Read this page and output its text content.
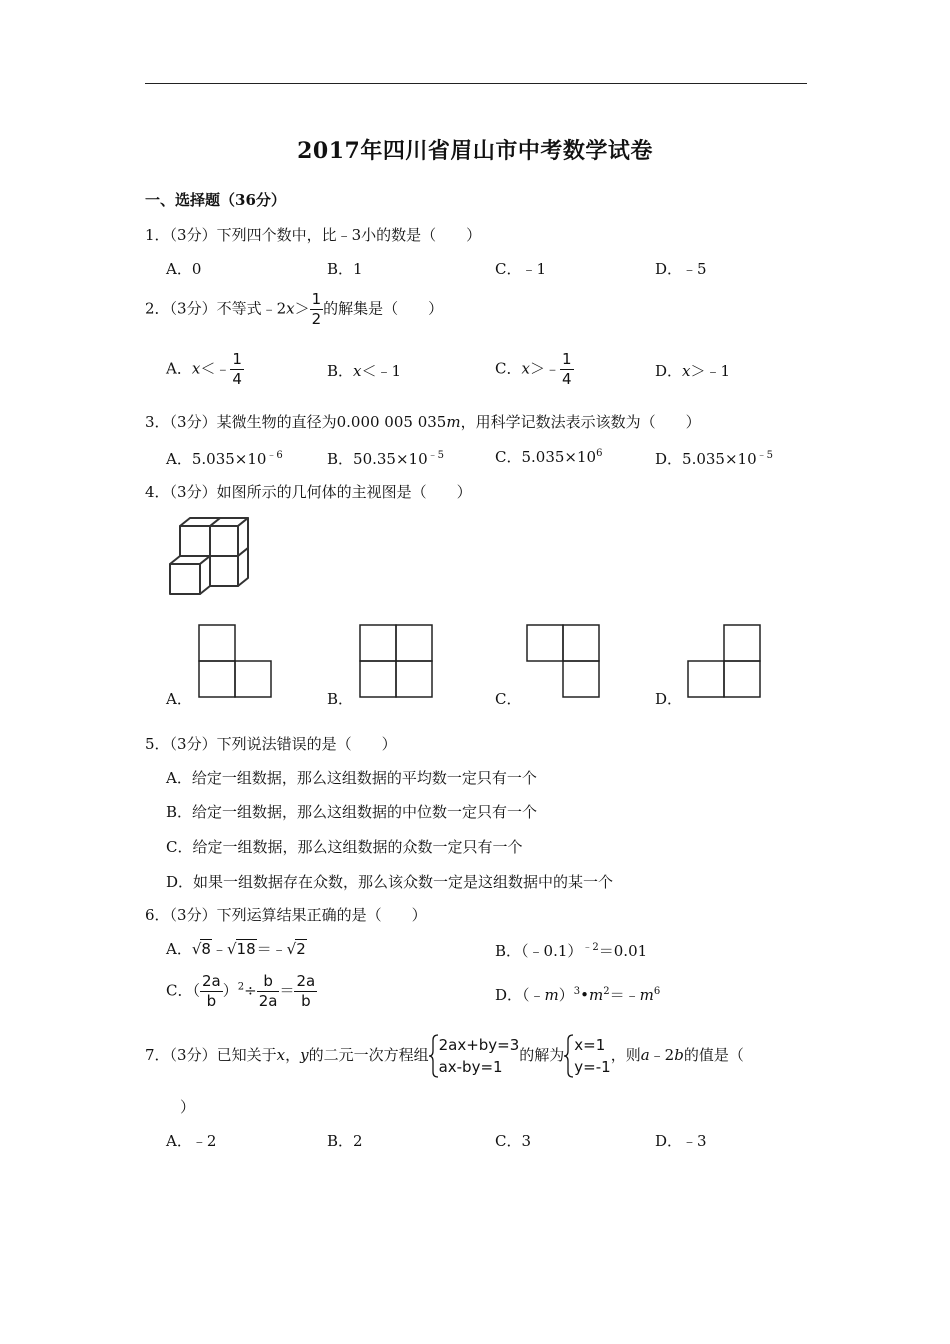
2017年四川省眉山市中考数学试卷
一、选择题（36分）
1．（3分）下列四个数中，比﹣3小的数是（　　）
A．0	B．1	C．﹣1	D．﹣5
2．（3分）不等式﹣2x＞ $\frac{1}{2}$ 的解集是（　　）
A．x＜﹣ $\frac{1}{4}$	B．x＜﹣1	C．x＞﹣ $\frac{1}{4}$	D．x＞﹣1
3．（3分）某微生物的直径为0.000 005 035m，用科学记数法表示该数为（　　）
A．$5.035\times 10^{﹣6}$	B．$50.35\times 10^{﹣5}$	C．$5.035\times 10^6$	D．$5.035\times 10^{﹣5}$
4．（3分）如图所示的几何体的主视图是（　　）
A．	B．	C．	D．
5．（3分）下列说法错误的是（　　）
A．给定一组数据，那么这组数据的平均数一定只有一个
B．给定一组数据，那么这组数据的中位数一定只有一个
C．给定一组数据，那么这组数据的众数一定只有一个
D．如果一组数据存在众数，那么该众数一定是这组数据中的某一个
6．（3分）下列运算结果正确的是（　　）
A．√8﹣√18＝﹣√2	B．（﹣0.1）$^{﹣2}$＝0.01
C．（ $\frac{2a}{b} )^2\div \frac{b}{2a} = \frac{2a}{b}$	D．$(﹣m)^3•m^2=﹣m^6$
7．（3分）已知关于x，y的二元一次方程组
2ax+by=3
ax-by=1
的解为
x=1
y=-1
，则a﹣2b的值是（
）
A．﹣2	B．2	C．3	D．﹣3
